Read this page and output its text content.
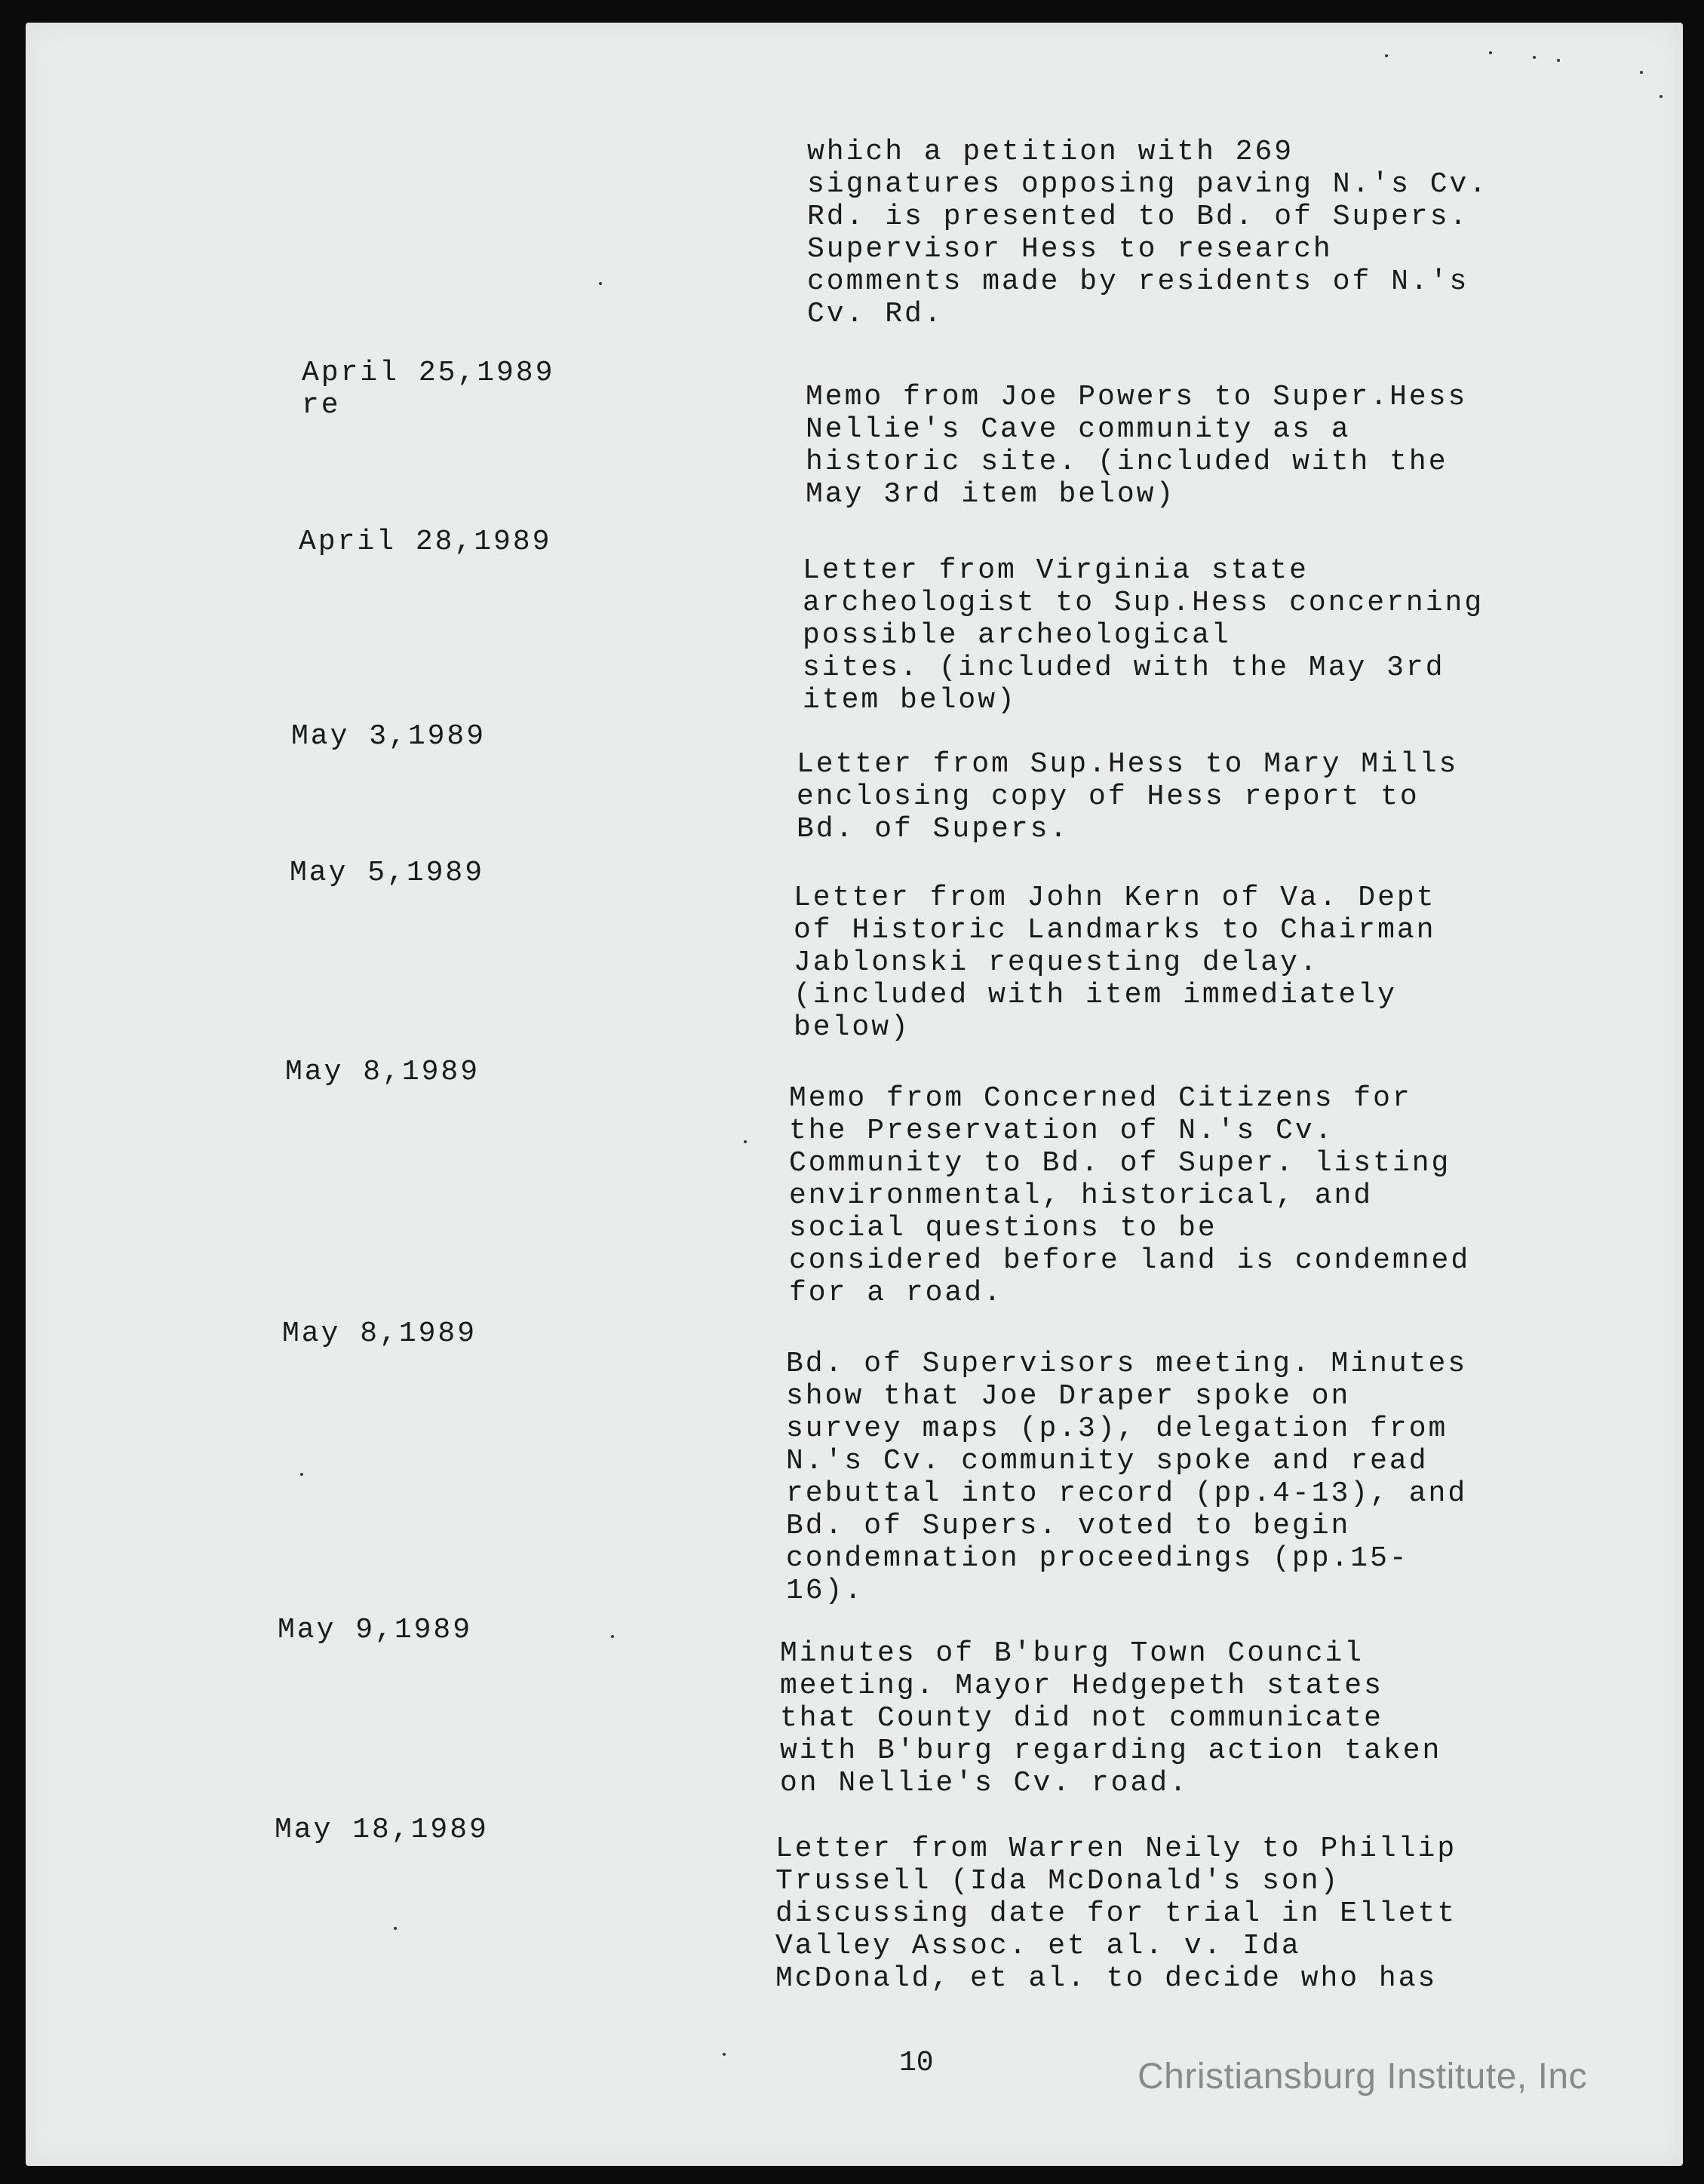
which a petition with 269
signatures opposing paving N.'s Cv.
Rd. is presented to Bd. of Supers.
Supervisor Hess to research
comments made by residents of N.'s
Cv. Rd.
April 25,1989
re	Memo from Joe Powers to Super.Hess
Nellie's Cave community as a
historic site. (included with the
May 3rd item below)
April 28,1989
Letter from Virginia state
archeologist to Sup.Hess concerning
possible archeological
sites. (included with the May 3rd
item below)
May 3,1989
Letter from Sup.Hess to Mary Mills
enclosing copy of Hess report to
Bd. of Supers.
May 5,1989
Letter from John Kern of Va. Dept
of Historic Landmarks to Chairman
Jablonski requesting delay.
(included with item immediately
below)
May 8,1989
Memo from Concerned Citizens for
the Preservation of N.'s Cv.
Community to Bd. of Super. listing
environmental, historical, and
social questions to be
considered before land is condemned
for a road.
May 8,1989
Bd. of Supervisors meeting. Minutes
show that Joe Draper spoke on
survey maps (p.3), delegation from
N.'s Cv. community spoke and read
rebuttal into record (pp.4-13), and
Bd. of Supers. voted to begin
condemnation proceedings (pp.15-
16).
May 9,1989
Minutes of B'burg Town Council
meeting. Mayor Hedgepeth states
that County did not communicate
with B'burg regarding action taken
on Nellie's Cv. road.
May 18,1989
Letter from Warren Neily to Phillip
Trussell (Ida McDonald's son)
discussing date for trial in Ellett
Valley Assoc. et al. v. Ida
McDonald, et al. to decide who has
10	Christiansburg Institute, Inc
